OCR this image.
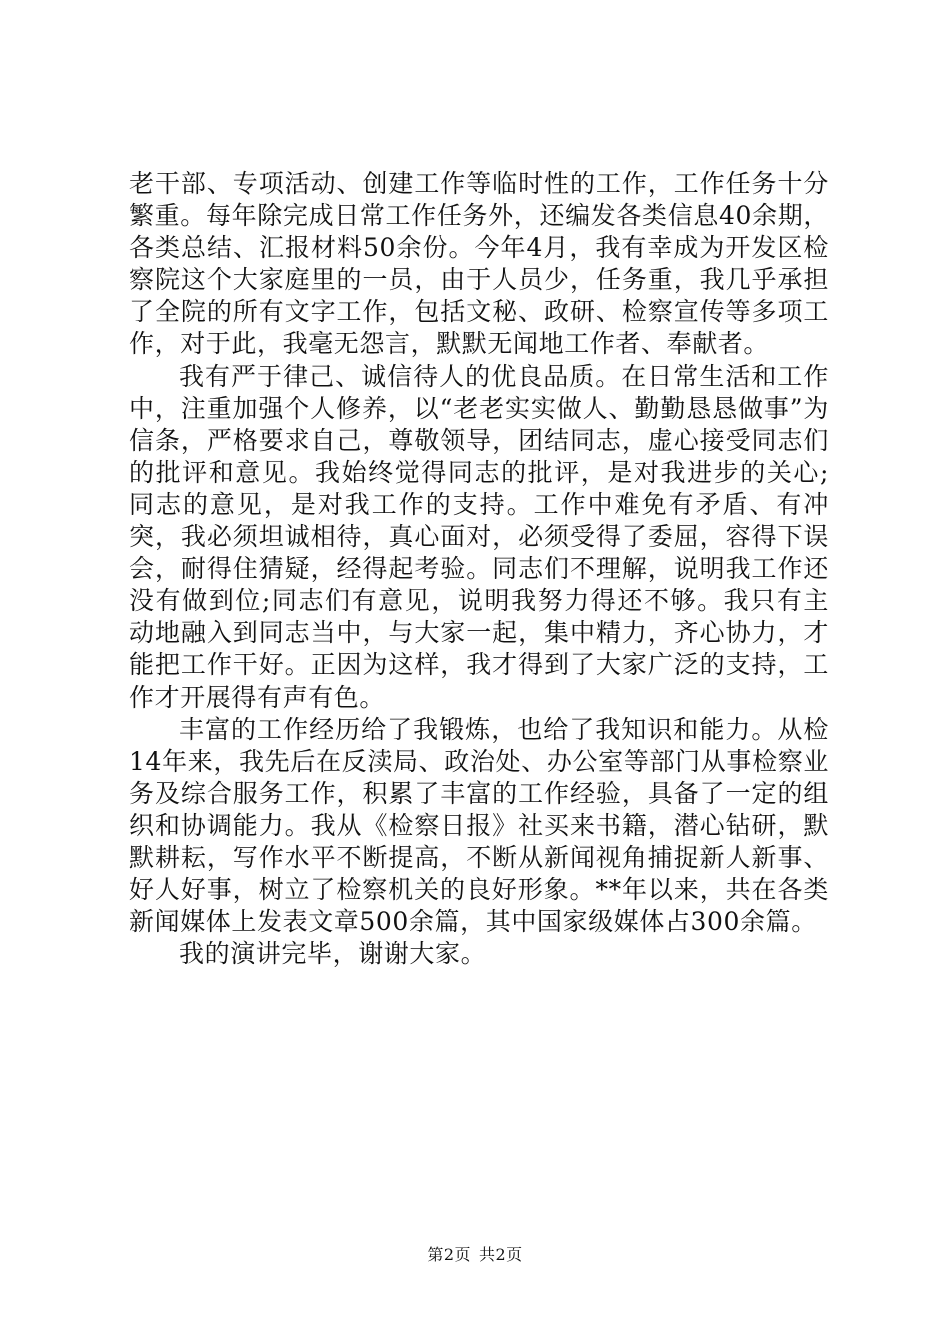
老干部、专项活动、创建工作等临时性的工作，工作任务十分繁重。每年除完成日常工作任务外，还编发各类信息40余期，各类总结、汇报材料50余份。今年4月，我有幸成为开发区检察院这个大家庭里的一员，由于人员少，任务重，我几乎承担了全院的所有文字工作，包括文秘、政研、检察宣传等多项工作，对于此，我毫无怨言，默默无闻地工作者、奉献者。

我有严于律己、诚信待人的优良品质。在日常生活和工作中，注重加强个人修养，以“老老实实做人、勤勤恳恳做事”为信条，严格要求自己，尊敬领导，团结同志，虚心接受同志们的批评和意见。我始终觉得同志的批评，是对我进步的关心;同志的意见，是对我工作的支持。工作中难免有矛盾、有冲突，我必须坦诚相待，真心面对，必须受得了委屈，容得下误会，耐得住猜疑，经得起考验。同志们不理解，说明我工作还没有做到位;同志们有意见，说明我努力得还不够。我只有主动地融入到同志当中，与大家一起，集中精力，齐心协力，才能把工作干好。正因为这样，我才得到了大家广泛的支持，工作才开展得有声有色。

丰富的工作经历给了我锻炼，也给了我知识和能力。从检14年来，我先后在反渎局、政治处、办公室等部门从事检察业务及综合服务工作，积累了丰富的工作经验，具备了一定的组织和协调能力。我从《检察日报》社买来书籍，潜心钻研，默默耕耘，写作水平不断提高，不断从新闻视角捕捉新人新事、好人好事，树立了检察机关的良好形象。**年以来，共在各类新闻媒体上发表文章500余篇，其中国家级媒体占300余篇。

我的演讲完毕，谢谢大家。

第2页 共2页
